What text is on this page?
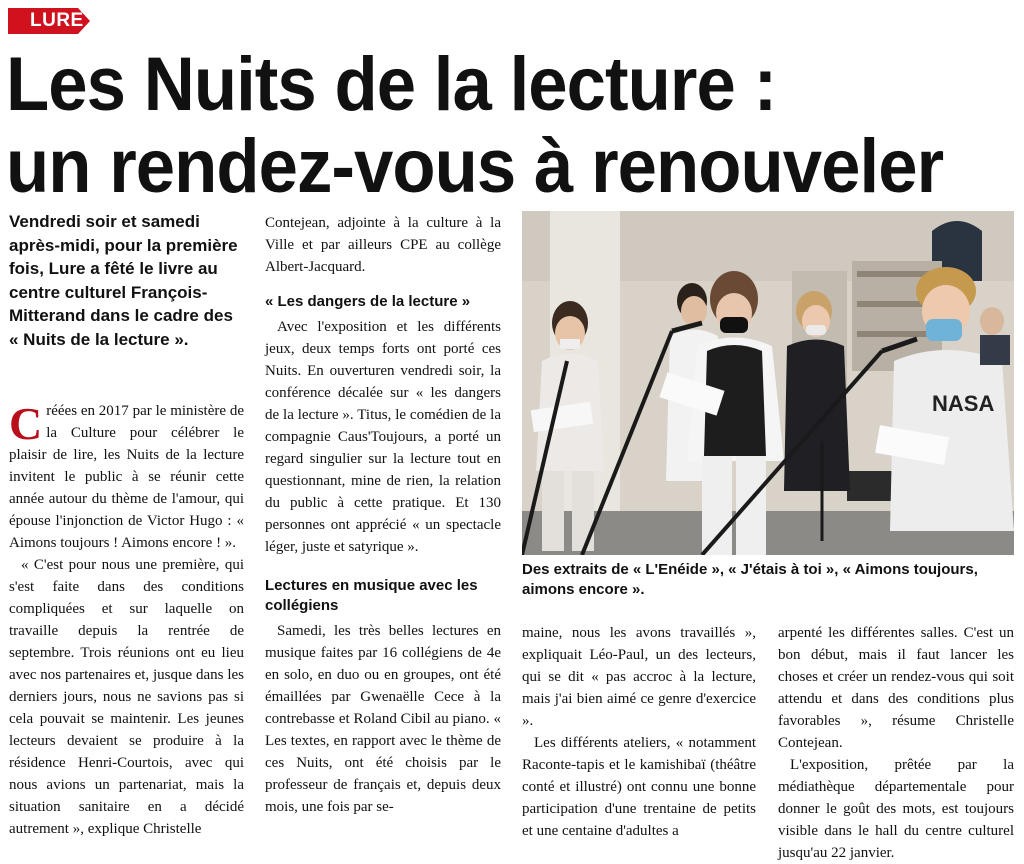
LURE
Les Nuits de la lecture :
un rendez-vous à renouveler
Vendredi soir et samedi après-midi, pour la première fois, Lure a fêté le livre au centre culturel François-Mitterand dans le cadre des « Nuits de la lecture ».

Créées en 2017 par le ministère de la Culture pour célébrer le plaisir de lire, les Nuits de la lecture invitent le public à se réunir cette année autour du thème de l'amour, qui épouse l'injonction de Victor Hugo : « Aimons toujours ! Aimons encore ! ».

« C'est pour nous une première, qui s'est faite dans des conditions compliquées et sur laquelle on travaille depuis la rentrée de septembre. Trois réunions ont eu lieu avec nos partenaires et, jusque dans les derniers jours, nous ne savions pas si cela pouvait se maintenir. Les jeunes lecteurs devaient se produire à la résidence Henri-Courtois, avec qui nous avions un partenariat, mais la situation sanitaire en a décidé autrement », explique Christelle

Contejean, adjointe à la culture à la Ville et par ailleurs CPE au collège Albert-Jacquard.

« Les dangers de la lecture »

Avec l'exposition et les différents jeux, deux temps forts ont porté ces Nuits. En ouverturen vendredi soir, la conférence décalée sur « les dangers de la lecture ». Titus, le comédien de la compagnie Caus'Toujours, a porté un regard singulier sur la lecture tout en questionnant, mine de rien, la relation du public à cette pratique. Et 130 personnes ont apprécié « un spectacle léger, juste et satyrique ».

Lectures en musique avec les collégiens

Samedi, les très belles lectures en musique faites par 16 collégiens de 4e en solo, en duo ou en groupes, ont été émaillées par Gwenaëlle Cece à la contrebasse et Roland Cibil au piano. « Les textes, en rapport avec le thème de ces Nuits, ont été choisis par le professeur de français et, depuis deux mois, une fois par se-

NASA
Des extraits de « L'Enéide », « J'étais à toi », « Aimons toujours, aimons encore ».

maine, nous les avons travaillés », expliquait Léo-Paul, un des lecteurs, qui se dit « pas accroc à la lecture, mais j'ai bien aimé ce genre d'exercice ».

Les différents ateliers, « notamment Raconte-tapis et le kamishibaï (théâtre conté et illustré) ont connu une bonne participation d'une trentaine de petits et une centaine d'adultes a

arpenté les différentes salles. C'est un bon début, mais il faut lancer les choses et créer un rendez-vous qui soit attendu et dans des conditions plus favorables », résume Christelle Contejean.

L'exposition, prêtée par la médiathèque départementale pour donner le goût des mots, est toujours visible dans le hall du centre culturel jusqu'au 22 janvier.
